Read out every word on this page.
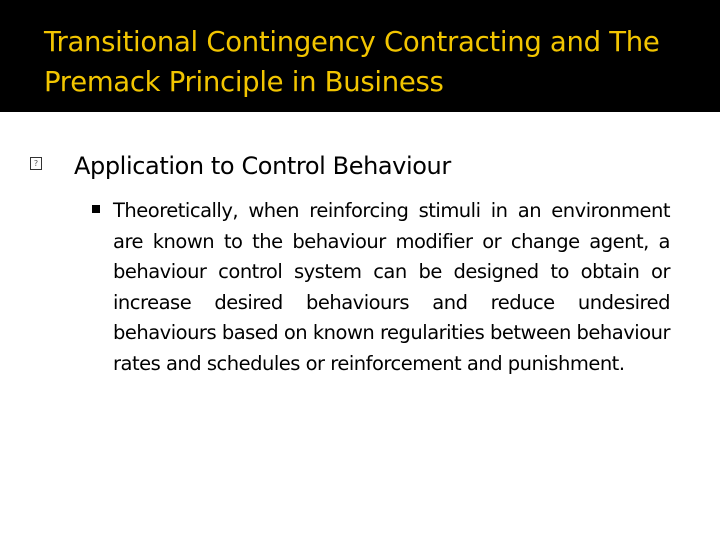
Transitional Contingency Contracting and The Premack Principle in Business
? Application to Control Behaviour

Theoretically, when reinforcing stimuli in an environment are known to the behaviour modifier or change agent, a behaviour control system can be designed to obtain or increase desired behaviours and reduce undesired behaviours based on known regularities between behaviour rates and schedules or reinforcement and punishment.
